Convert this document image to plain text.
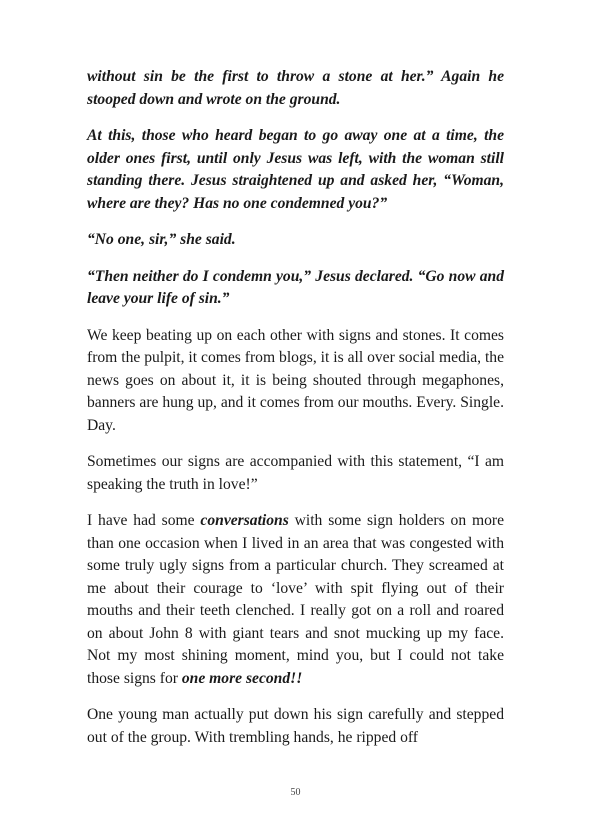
without sin be the first to throw a stone at her.” Again he stooped down and wrote on the ground.

At this, those who heard began to go away one at a time, the older ones first, until only Jesus was left, with the woman still standing there. Jesus straightened up and asked her, “Woman, where are they? Has no one condemned you?”

“No one, sir,” she said.

“Then neither do I condemn you,” Jesus declared. “Go now and leave your life of sin.”

We keep beating up on each other with signs and stones. It comes from the pulpit, it comes from blogs, it is all over social media, the news goes on about it, it is being shouted through megaphones, banners are hung up, and it comes from our mouths. Every. Single. Day.

Sometimes our signs are accompanied with this statement, “I am speaking the truth in love!”

I have had some conversations with some sign holders on more than one occasion when I lived in an area that was congested with some truly ugly signs from a particular church. They screamed at me about their courage to ‘love’ with spit flying out of their mouths and their teeth clenched. I really got on a roll and roared on about John 8 with giant tears and snot mucking up my face. Not my most shining moment, mind you, but I could not take those signs for one more second!!

One young man actually put down his sign carefully and stepped out of the group. With trembling hands, he ripped off

50
